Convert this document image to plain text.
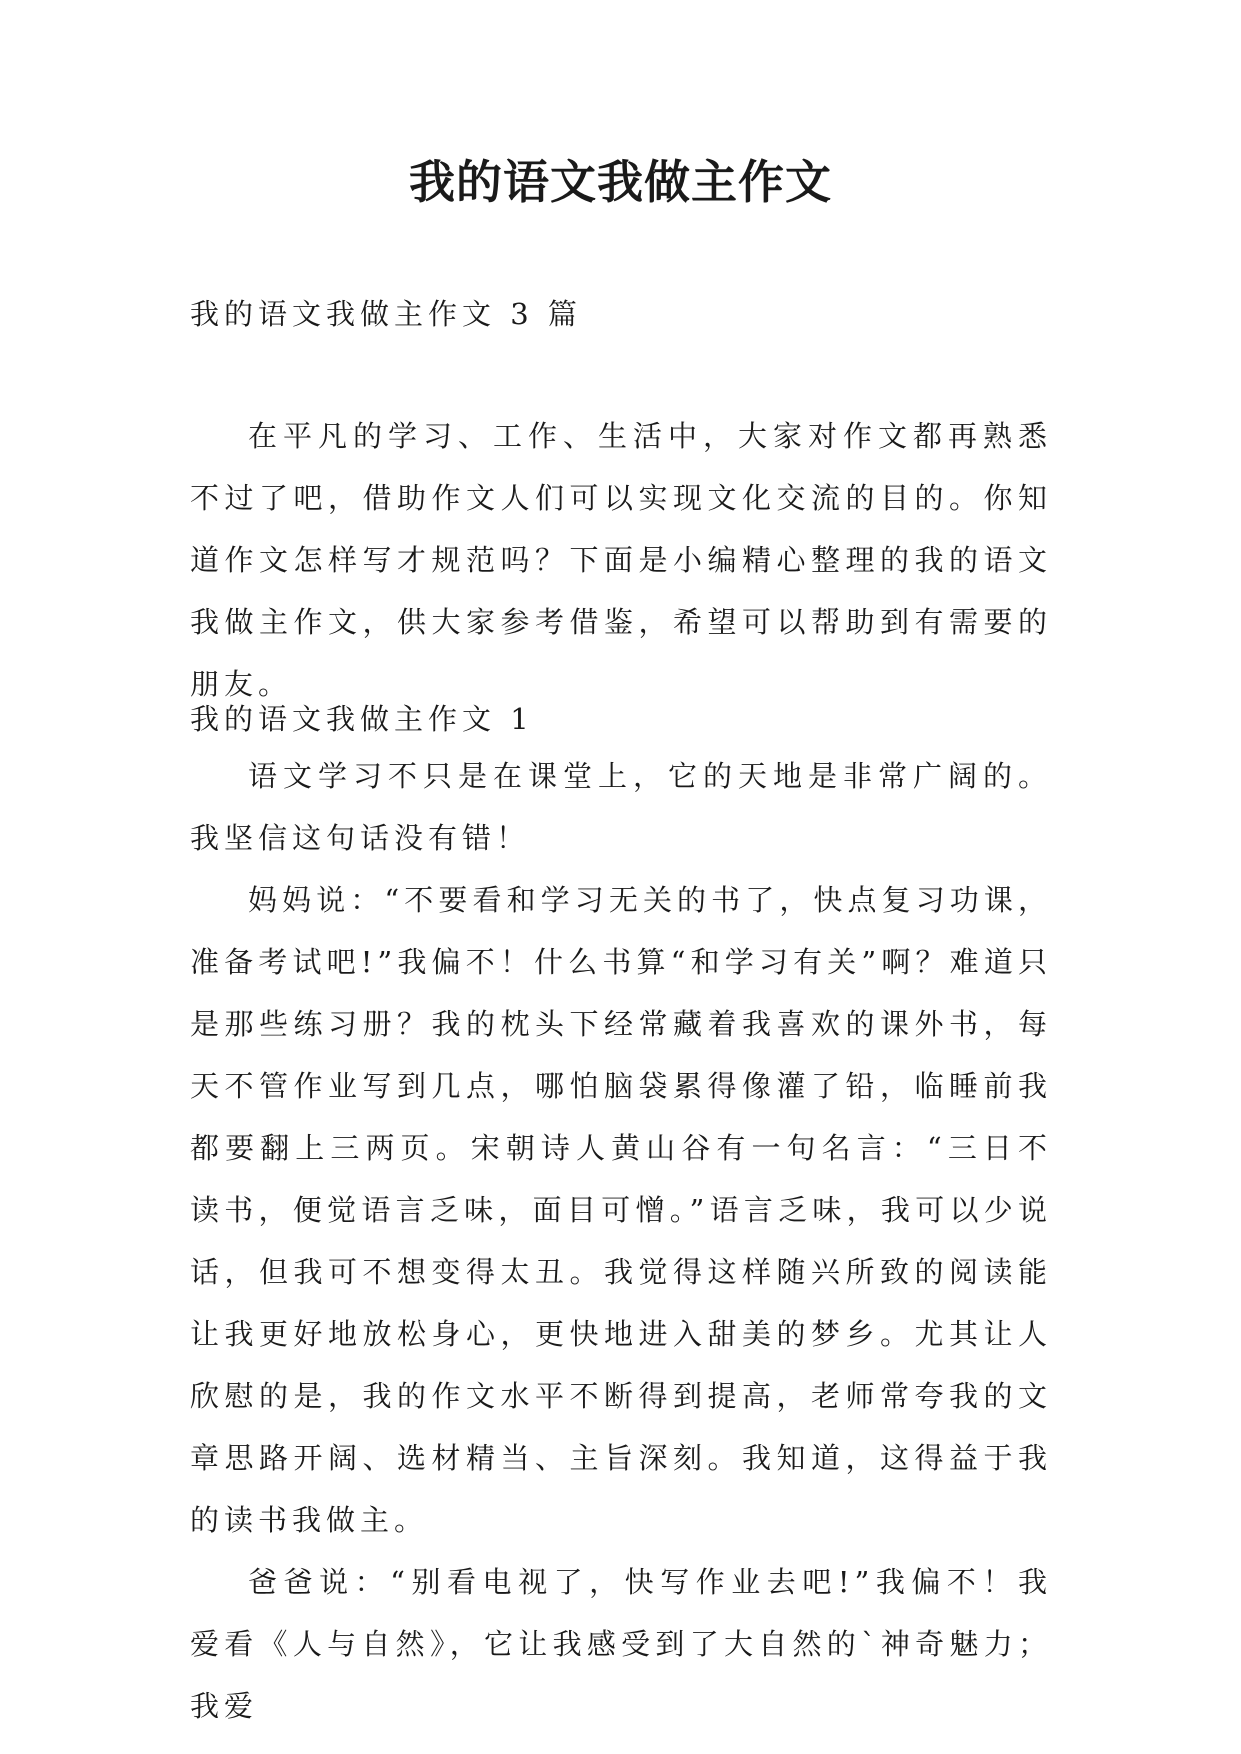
我的语文我做主作文
我的语文我做主作文 3 篇

在平凡的学习、工作、生活中，大家对作文都再熟悉不过了吧，借助作文人们可以实现文化交流的目的。你知道作文怎样写才规范吗？下面是小编精心整理的我的语文我做主作文，供大家参考借鉴，希望可以帮助到有需要的朋友。

我的语文我做主作文 1

语文学习不只是在课堂上，它的天地是非常广阔的。我坚信这句话没有错！

妈妈说：“不要看和学习无关的书了，快点复习功课，准备考试吧!”我偏不！什么书算“和学习有关”啊？难道只是那些练习册？我的枕头下经常藏着我喜欢的课外书，每天不管作业写到几点，哪怕脑袋累得像灌了铅，临睡前我都要翻上三两页。宋朝诗人黄山谷有一句名言：“三日不读书，便觉语言乏味，面目可憎。”语言乏味，我可以少说话，但我可不想变得太丑。我觉得这样随兴所致的阅读能让我更好地放松身心，更快地进入甜美的梦乡。尤其让人欣慰的是，我的作文水平不断得到提高，老师常夸我的文章思路开阔、选材精当、主旨深刻。我知道，这得益于我的读书我做主。

爸爸说：“别看电视了，快写作业去吧!”我偏不！我爱看《人与自然》，它让我感受到了大自然的`神奇魅力；我爱
